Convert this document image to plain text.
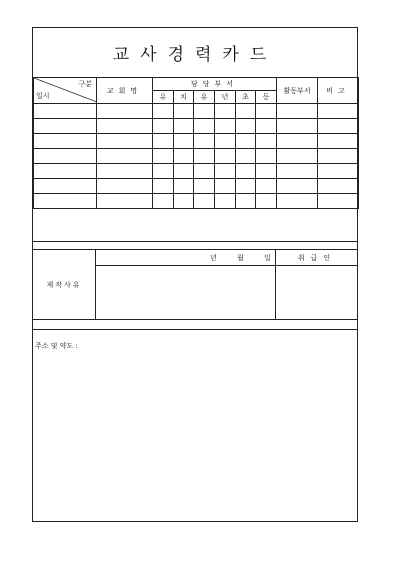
교사경력카드
구분
일시	교회명	담당부서						활동부서	비고
		유	치	유	년	초	등		

제작사유
년	월	일	취급인
주소 및 약도 :
